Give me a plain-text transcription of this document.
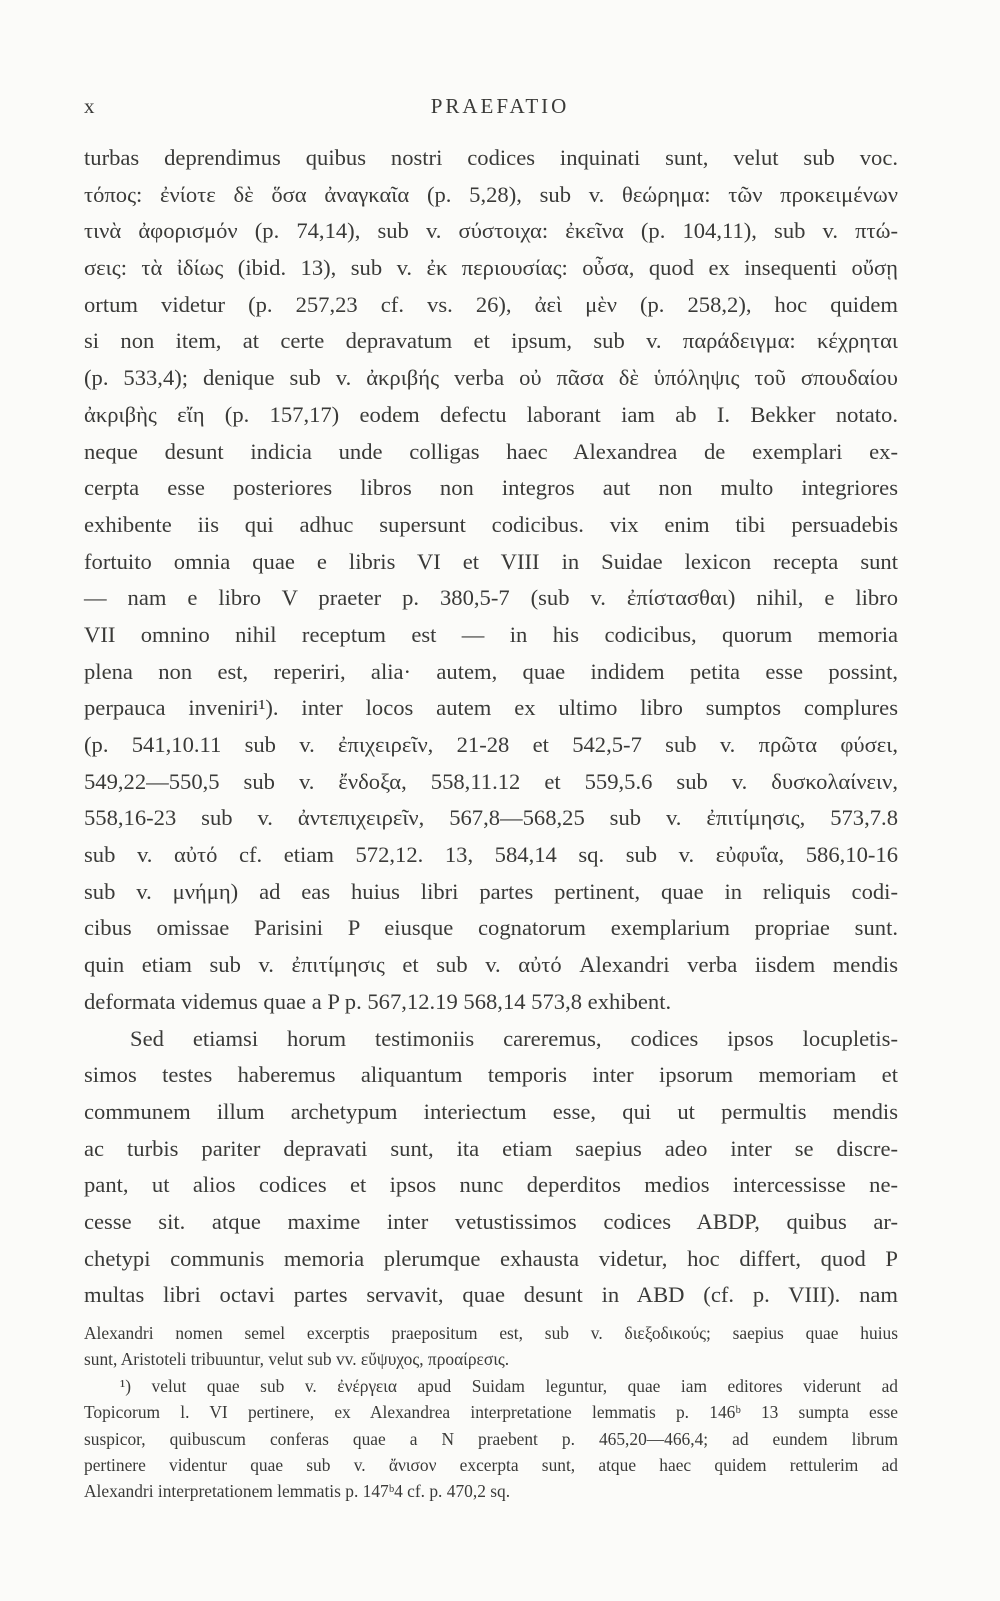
x	PRAEFATIO
turbas deprendimus quibus nostri codices inquinati sunt, velut sub voc.
τόπος: ἐνίοτε δὲ ὅσα ἀναγκαῖα (p. 5,28), sub v. θεώρημα: τῶν προκειμένων
τινὰ ἀφορισμόν (p. 74,14), sub v. σύστοιχα: ἐκεῖνα (p. 104,11), sub v. πτώ-
σεις: τὰ ἰδίως (ibid. 13), sub v. ἐκ περιουσίας: οὖσα, quod ex insequenti οὔσῃ
ortum videtur (p. 257,23 cf. vs. 26), ἀεὶ μὲν (p. 258,2), hoc quidem
si non item, at certe depravatum et ipsum, sub v. παράδειγμα: κέχρηται
(p. 533,4); denique sub v. ἀκριβής verba οὐ πᾶσα δὲ ὑπόληψις τοῦ σπουδαίου
ἀκριβὴς εἴη (p. 157,17) eodem defectu laborant iam ab I. Bekker notato.
neque desunt indicia unde colligas haec Alexandrea de exemplari ex-
cerpta esse posteriores libros non integros aut non multo integriores
exhibente iis qui adhuc supersunt codicibus. vix enim tibi persuadebis
fortuito omnia quae e libris VI et VIII in Suidae lexicon recepta sunt
— nam e libro V praeter p. 380,5-7 (sub v. ἐπίστασθαι) nihil, e libro
VII omnino nihil receptum est — in his codicibus, quorum memoria
plena non est, reperiri, alia· autem, quae indidem petita esse possint,
perpauca inveniri¹). inter locos autem ex ultimo libro sumptos complures
(p. 541,10.11 sub v. ἐπιχειρεῖν, 21-28 et 542,5-7 sub v. πρῶτα φύσει,
549,22—550,5 sub v. ἔνδοξα, 558,11.12 et 559,5.6 sub v. δυσκολαίνειν,
558,16-23 sub v. ἀντεπιχειρεῖν, 567,8—568,25 sub v. ἐπιτίμησις, 573,7.8
sub v. αὐτό cf. etiam 572,12. 13, 584,14 sq. sub v. εὐφυΐα, 586,10-16
sub v. μνήμη) ad eas huius libri partes pertinent, quae in reliquis codi-
cibus omissae Parisini P eiusque cognatorum exemplarium propriae sunt.
quin etiam sub v. ἐπιτίμησις et sub v. αὐτό Alexandri verba iisdem mendis
deformata videmus quae a P p. 567,12.19 568,14 573,8 exhibent.
Sed etiamsi horum testimoniis careremus, codices ipsos locupletis-
simos testes haberemus aliquantum temporis inter ipsorum memoriam et
communem illum archetypum interiectum esse, qui ut permultis mendis
ac turbis pariter depravati sunt, ita etiam saepius adeo inter se discre-
pant, ut alios codices et ipsos nunc deperditos medios intercessisse ne-
cesse sit. atque maxime inter vetustissimos codices ABDP, quibus ar-
chetypi communis memoria plerumque exhausta videtur, hoc differt, quod P
multas libri octavi partes servavit, quae desunt in ABD (cf. p. VIII). nam
Alexandri nomen semel excerptis praepositum est, sub v. διεξοδικούς; saepius quae huius
sunt, Aristoteli tribuuntur, velut sub vv. εὔψυχος, προαίρεσις.
¹) velut quae sub v. ἐνέργεια apud Suidam leguntur, quae iam editores viderunt ad
Topicorum l. VI pertinere, ex Alexandrea interpretatione lemmatis p. 146ᵇ 13 sumpta esse
suspicor, quibuscum conferas quae a N praebent p. 465,20—466,4; ad eundem librum
pertinere videntur quae sub v. ἄνισον excerpta sunt, atque haec quidem rettulerim ad
Alexandri interpretationem lemmatis p. 147ᵇ4 cf. p. 470,2 sq.
